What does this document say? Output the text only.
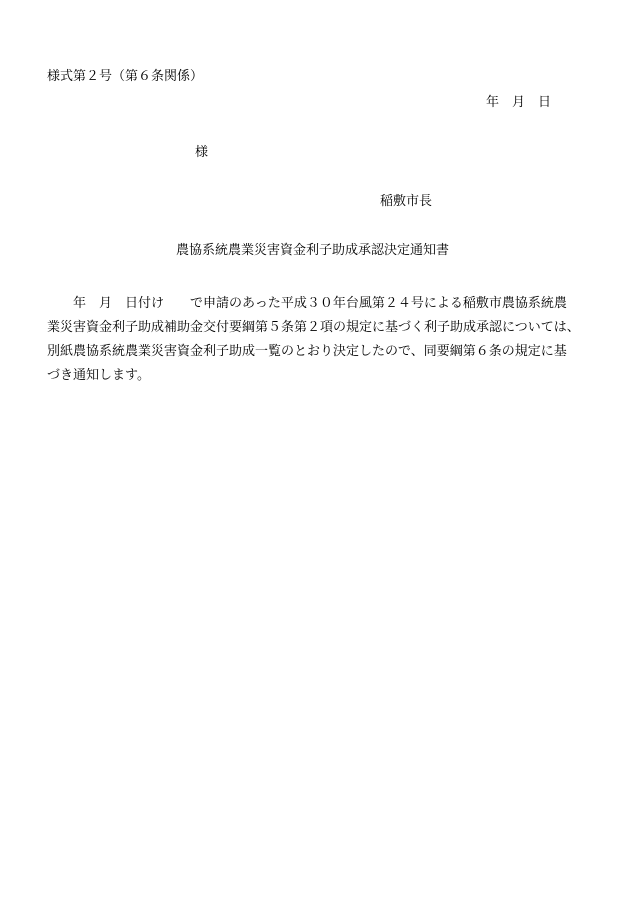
様式第２号（第６条関係）
年　月　日
様
稲敷市長
農協系統農業災害資金利子助成承認決定通知書
　　年　月　日付け　　で申請のあった平成３０年台風第２４号による稲敷市農協系統農
業災害資金利子助成補助金交付要綱第５条第２項の規定に基づく利子助成承認については、
別紙農協系統農業災害資金利子助成一覧のとおり決定したので、同要綱第６条の規定に基
づき通知します。
